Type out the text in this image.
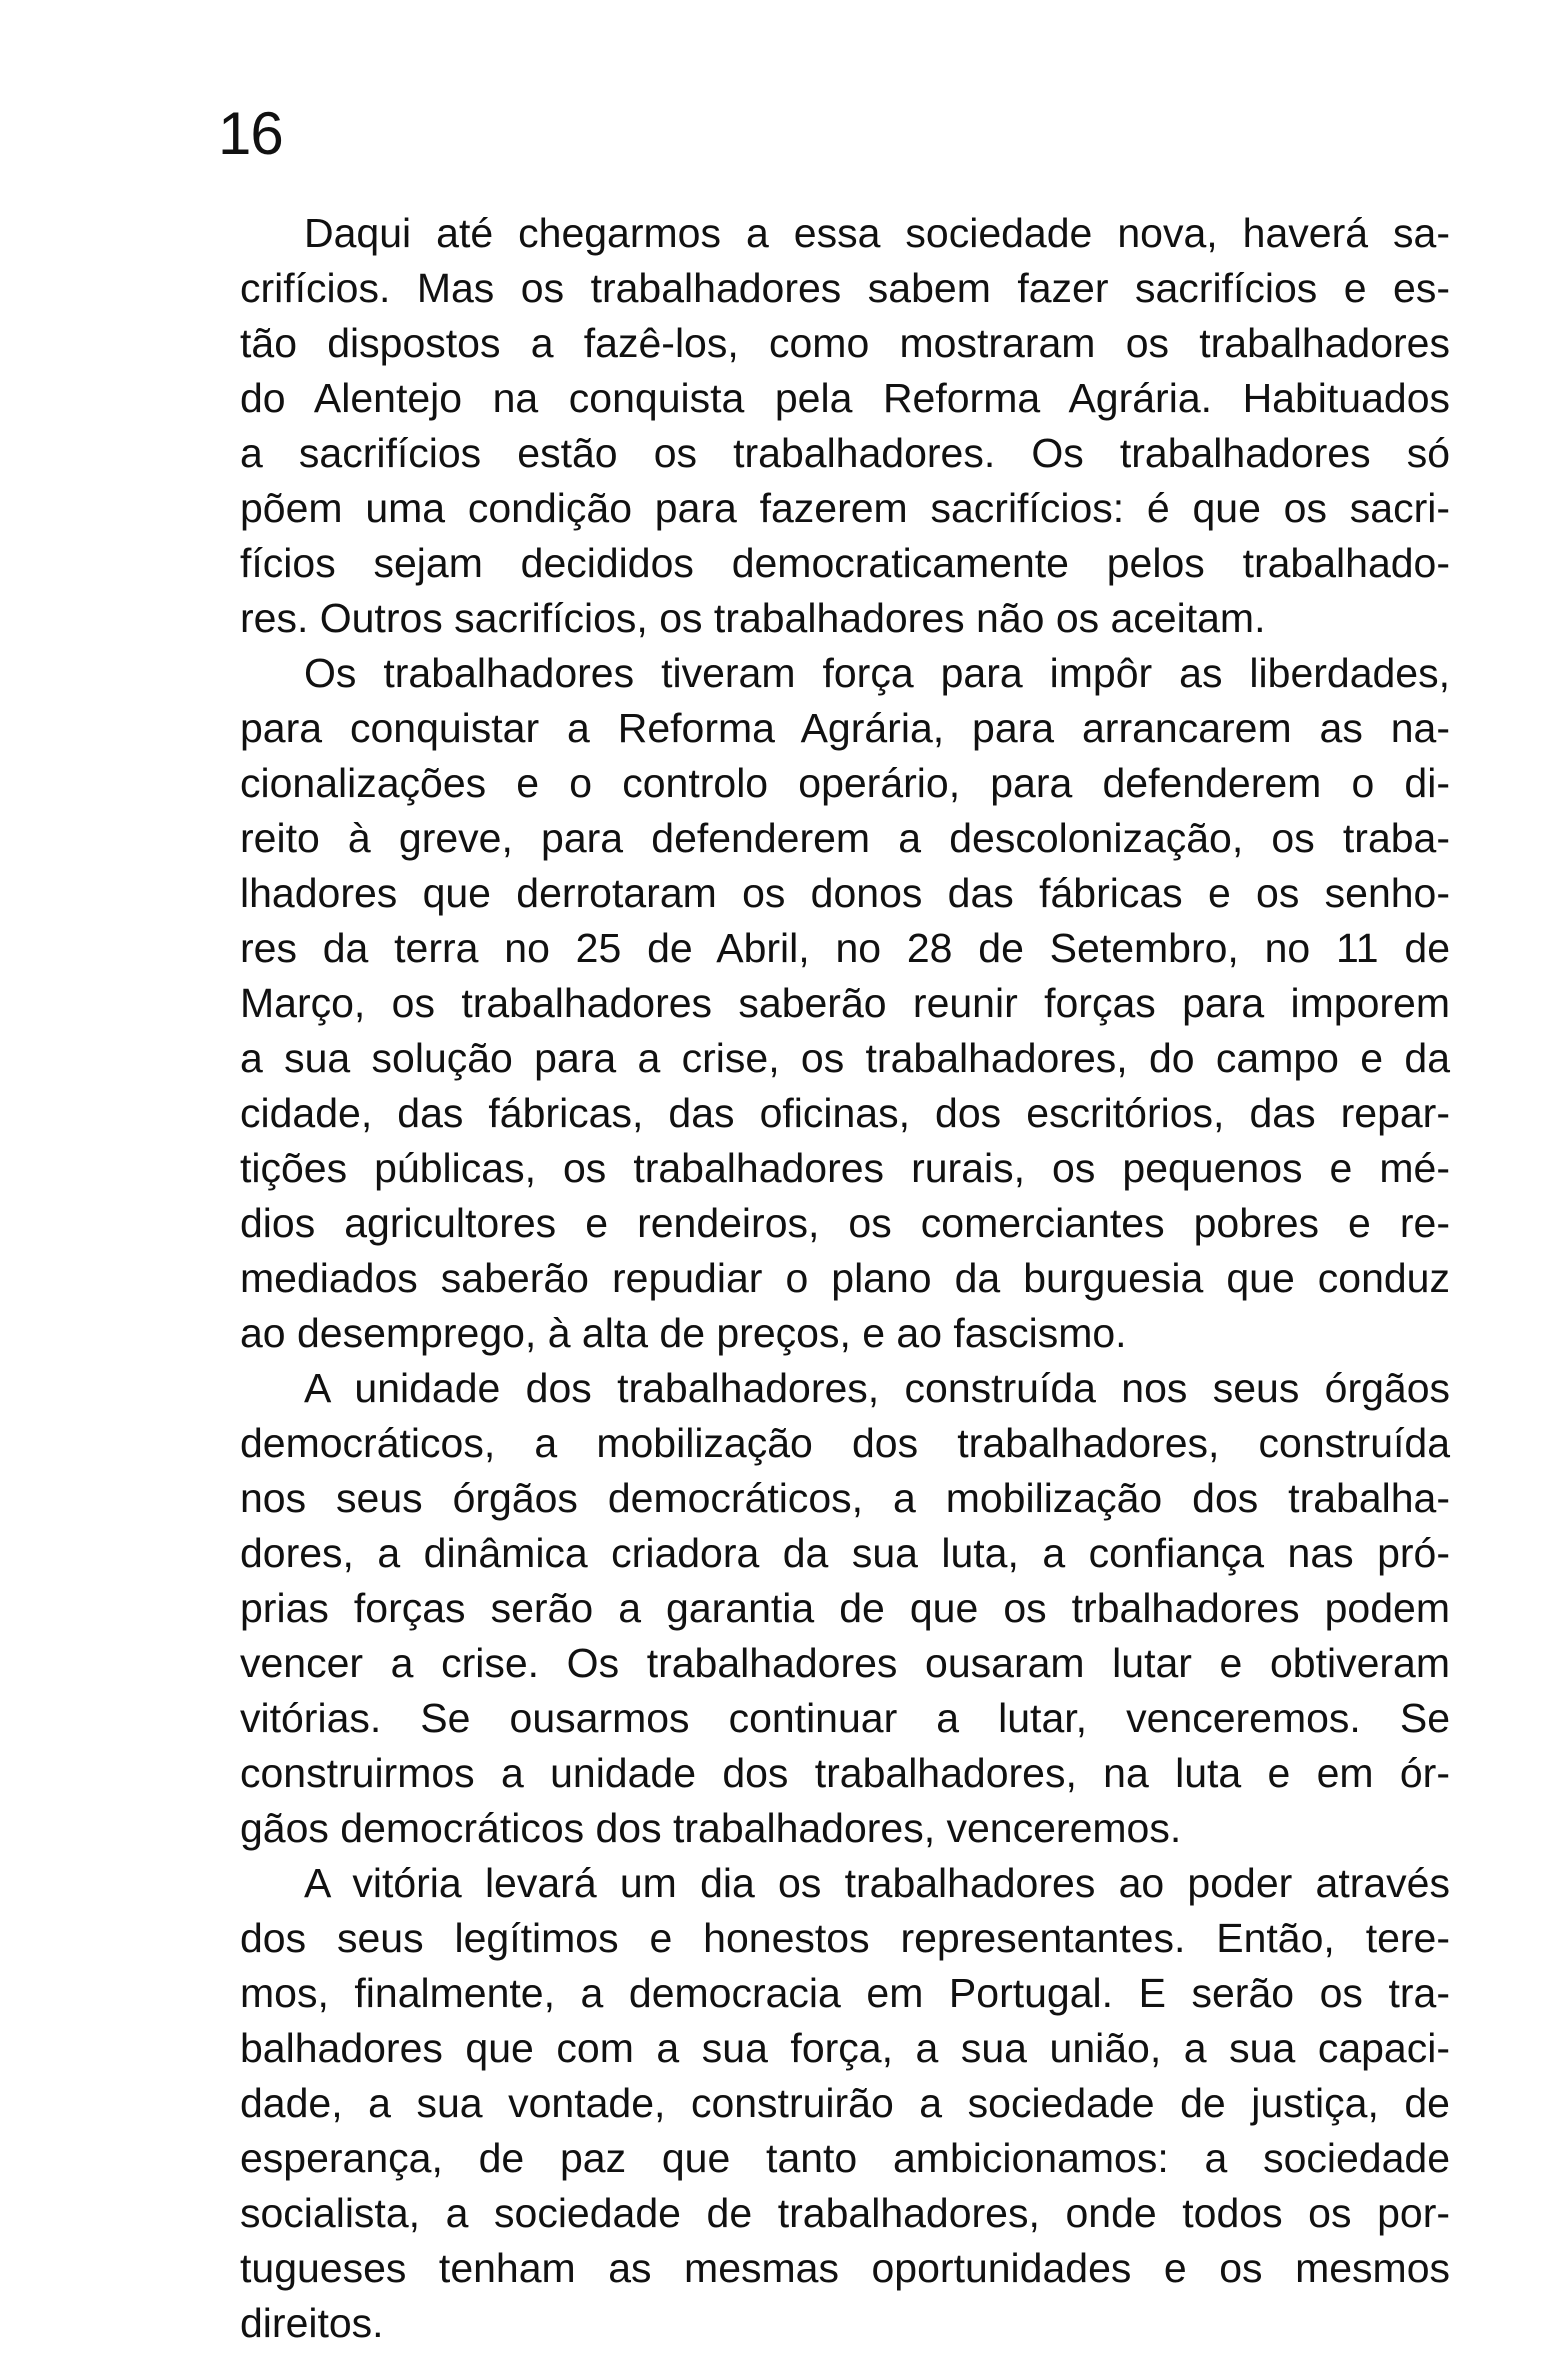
16

Daqui até chegarmos a essa sociedade nova, haverá sa-
crifícios. Mas os trabalhadores sabem fazer sacrifícios e es-
tão dispostos a fazê-los, como mostraram os trabalhadores
do Alentejo na conquista pela Reforma Agrária. Habituados
a sacrifícios estão os trabalhadores. Os trabalhadores só
põem uma condição para fazerem sacrifícios: é que os sacri-
fícios sejam decididos democraticamente pelos trabalhado-
res. Outros sacrifícios, os trabalhadores não os aceitam.

Os trabalhadores tiveram força para impôr as liberdades,
para conquistar a Reforma Agrária, para arrancarem as na-
cionalizações e o controlo operário, para defenderem o di-
reito à greve, para defenderem a descolonização, os traba-
lhadores que derrotaram os donos das fábricas e os senho-
res da terra no 25 de Abril, no 28 de Setembro, no 11 de
Março, os trabalhadores saberão reunir forças para imporem
a sua solução para a crise, os trabalhadores, do campo e da
cidade, das fábricas, das oficinas, dos escritórios, das repar-
tições públicas, os trabalhadores rurais, os pequenos e mé-
dios agricultores e rendeiros, os comerciantes pobres e re-
mediados saberão repudiar o plano da burguesia que conduz
ao desemprego, à alta de preços, e ao fascismo.

A unidade dos trabalhadores, construída nos seus órgãos
democráticos, a mobilização dos trabalhadores, construída
nos seus órgãos democráticos, a mobilização dos trabalha-
dores, a dinâmica criadora da sua luta, a confiança nas pró-
prias forças serão a garantia de que os trbalhadores podem
vencer a crise. Os trabalhadores ousaram lutar e obtiveram
vitórias. Se ousarmos continuar a lutar, venceremos. Se
construirmos a unidade dos trabalhadores, na luta e em ór-
gãos democráticos dos trabalhadores, venceremos.

A vitória levará um dia os trabalhadores ao poder através
dos seus legítimos e honestos representantes. Então, tere-
mos, finalmente, a democracia em Portugal. E serão os tra-
balhadores que com a sua força, a sua união, a sua capaci-
dade, a sua vontade, construirão a sociedade de justiça, de
esperança, de paz que tanto ambicionamos: a sociedade
socialista, a sociedade de trabalhadores, onde todos os por-
tugueses tenham as mesmas oportunidades e os mesmos
direitos.
